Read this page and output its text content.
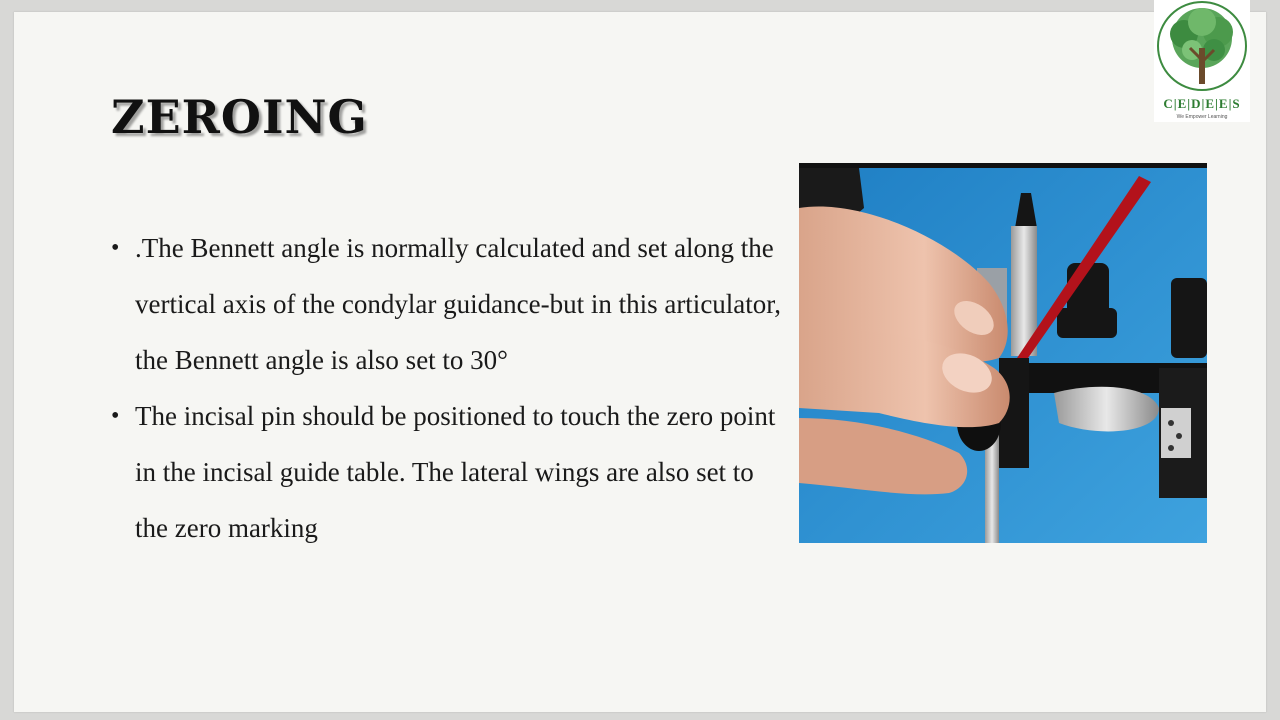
ZEROING
• .The Bennett angle is normally calculated and set along the vertical axis of the condylar guidance-but in this articulator, the Bennett angle is also set to 30°
• The incisal pin should be positioned to touch the zero point in the incisal guide table. The lateral wings are also set to the zero marking
C|E|D|E|E|S
We Empower Learning
